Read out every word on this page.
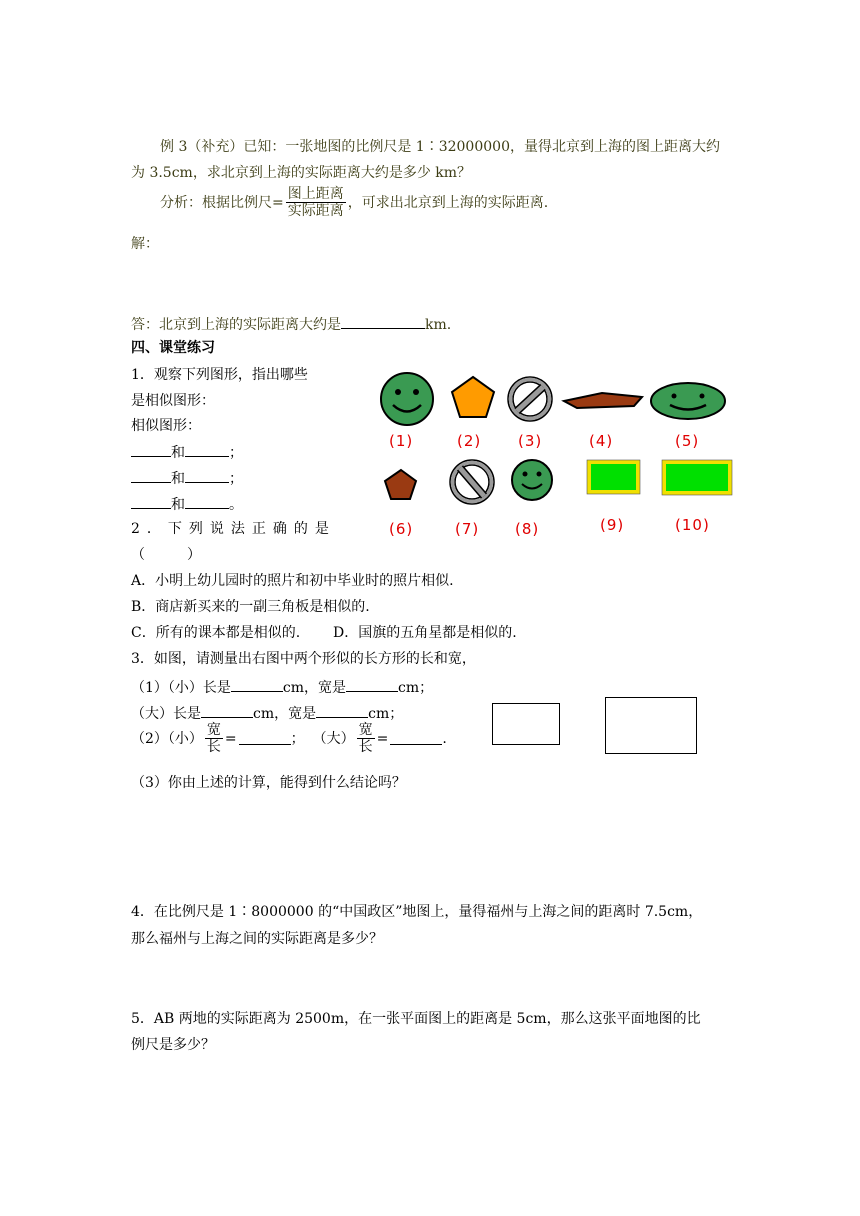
例 3（补充）已知：一张地图的比例尺是 1∶32000000，量得北京到上海的图上距离大约
为 3.5cm，求北京到上海的实际距离大约是多少 km？
分析：根据比例尺= $\frac{\text{图上距离}}{\text{实际距离}}$ ，可求出北京到上海的实际距离.
解：
答：北京到上海的实际距离大约是	km.
四、课堂练习
1．观察下列图形，指出哪些
是相似图形：
相似图形：
和	；
和	；
和	。
(1)	(2) (3)	(4)	(5)
(6)	(7) (8)	(9)	(10)
2．下列说法正确的是
（　　　）
A．小明上幼儿园时的照片和初中毕业时的照片相似.
B．商店新买来的一副三角板是相似的.
C．所有的课本都是相似的. D．国旗的五角星都是相似的.
3．如图，请测量出右图中两个形似的长方形的长和宽，
（1）（小）长是	cm，宽是	cm；
（大）长是	cm，宽是	cm；
（2）（小） $\frac{\text{宽}}{\text{长}}$ =	； （大） $\frac{\text{宽}}{\text{长}}$ =	.
（3）你由上述的计算，能得到什么结论吗？
4．在比例尺是 1∶8000000 的“中国政区”地图上，量得福州与上海之间的距离时 7.5cm，
那么福州与上海之间的实际距离是多少？
5．AB 两地的实际距离为 2500m，在一张平面图上的距离是 5cm，那么这张平面地图的比
例尺是多少？
